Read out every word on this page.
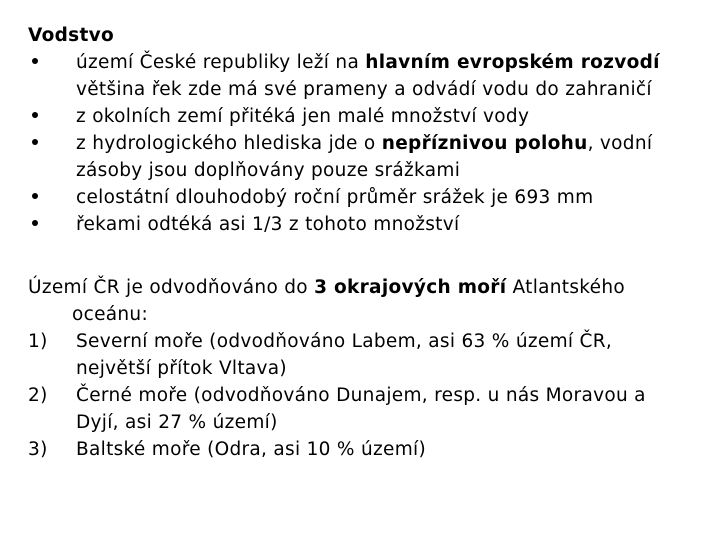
Vodstvo
území České republiky leží na hlavním evropském rozvodí
většina řek zde má své prameny a odvádí vodu do zahraničí
z okolních zemí přitéká jen malé množství vody
z hydrologického hlediska jde o nepříznivou polohu, vodní
zásoby jsou doplňovány pouze srážkami
celostátní dlouhodobý roční průměr srážek je 693 mm
řekami odtéká asi 1/3 z tohoto množství
Území ČR je odvodňováno do 3 okrajových moří Atlantského
oceánu:
1)	Severní moře (odvodňováno Labem, asi 63 % území ČR,
největší přítok Vltava)
2)	Černé moře (odvodňováno Dunajem, resp. u nás Moravou a
Dyjí, asi 27 % území)
3)	Baltské moře (Odra, asi 10 % území)
